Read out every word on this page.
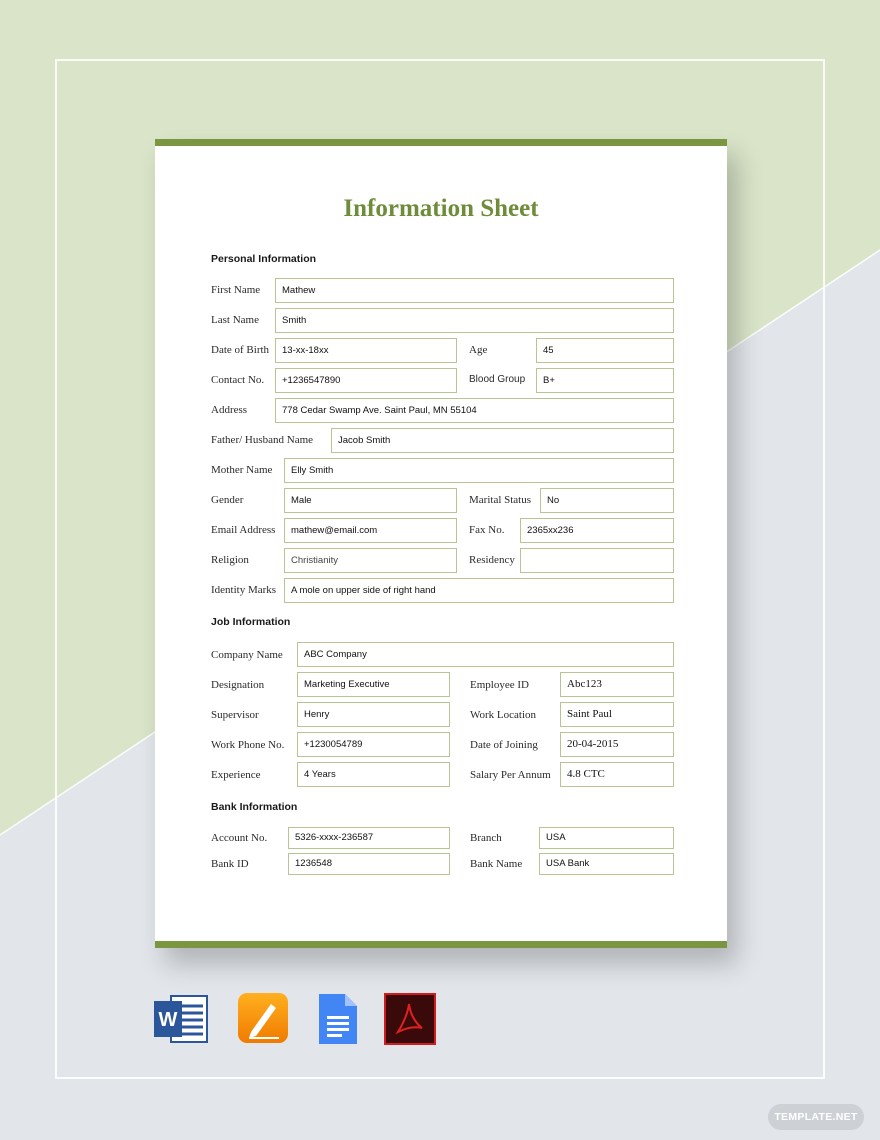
Information Sheet
Personal Information
First Name	Mathew
Last Name	Smith
Date of Birth	13-xx-18xx	Age	45
Contact No.	+1236547890	Blood Group	B+
Address	778 Cedar Swamp Ave. Saint Paul, MN 55104
Father/ Husband Name	Jacob Smith
Mother Name	Elly Smith
Gender	Male	Marital Status	No
Email Address	mathew@email.com	Fax No.	2365xx236
Religion	Christianity	Residency
Identity Marks	A mole on upper side of right hand
Job Information
Company Name	ABC Company
Designation	Marketing Executive	Employee ID	Abc123
Supervisor	Henry	Work Location	Saint Paul
Work Phone No.	+1230054789	Date of Joining	20-04-2015
Experience	4 Years	Salary Per Annum	4.8 CTC
Bank Information
Account No.	5326-xxxx-236587	Branch	USA
Bank ID	1236548	Bank Name	USA Bank
W
TEMPLATE.NET
